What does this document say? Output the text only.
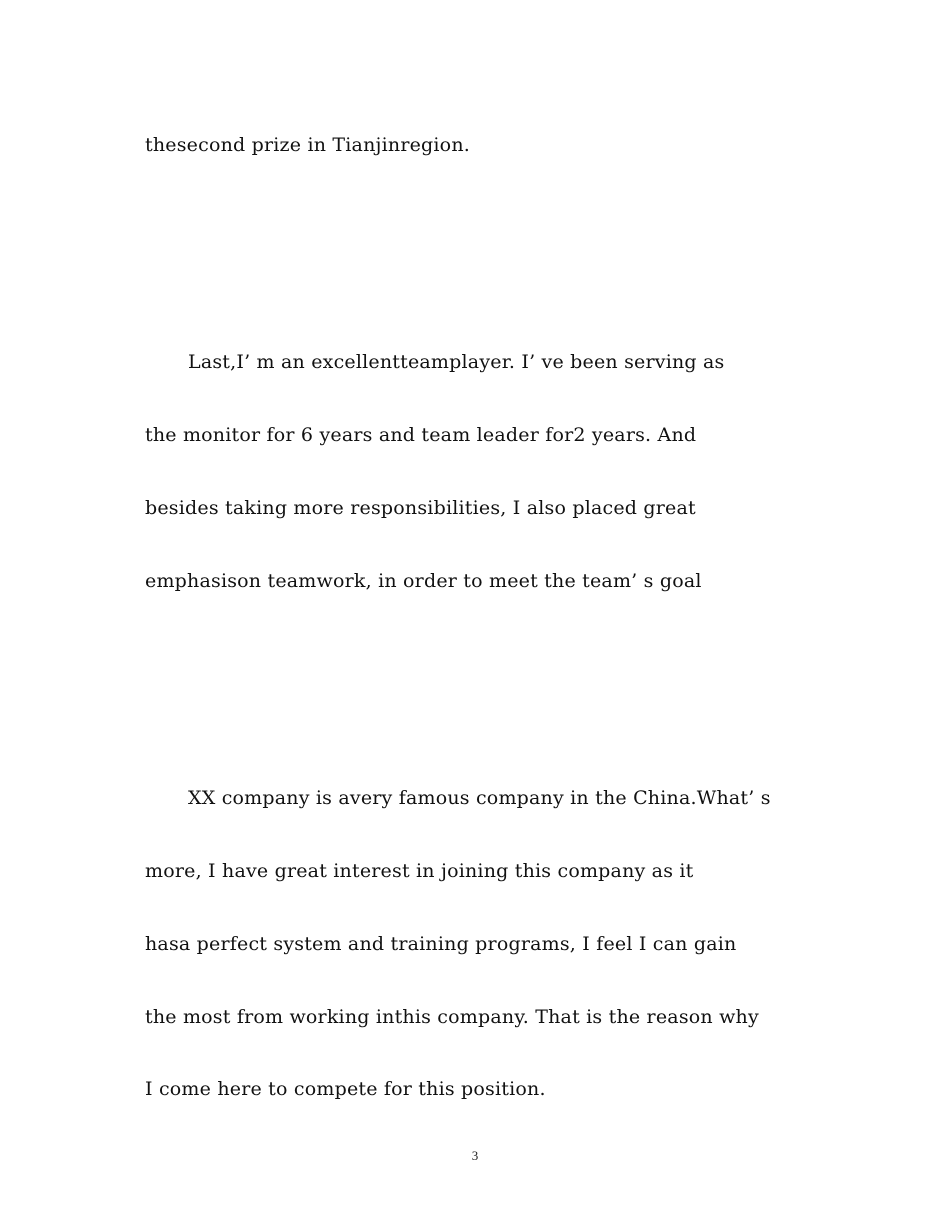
thesecond prize in Tianjinregion.
Last,I’ m an excellentteamplayer. I’ ve been serving as
the monitor for 6 years and team leader for2 years. And
besides taking more responsibilities, I also placed great
emphasison teamwork, in order to meet the team’ s goal
XX company is avery famous company in the China.What’ s
more, I have great interest in joining this company as it
hasa perfect system and training programs, I feel I can gain
the most from working inthis company. That is the reason why
I come here to compete for this position.
3
